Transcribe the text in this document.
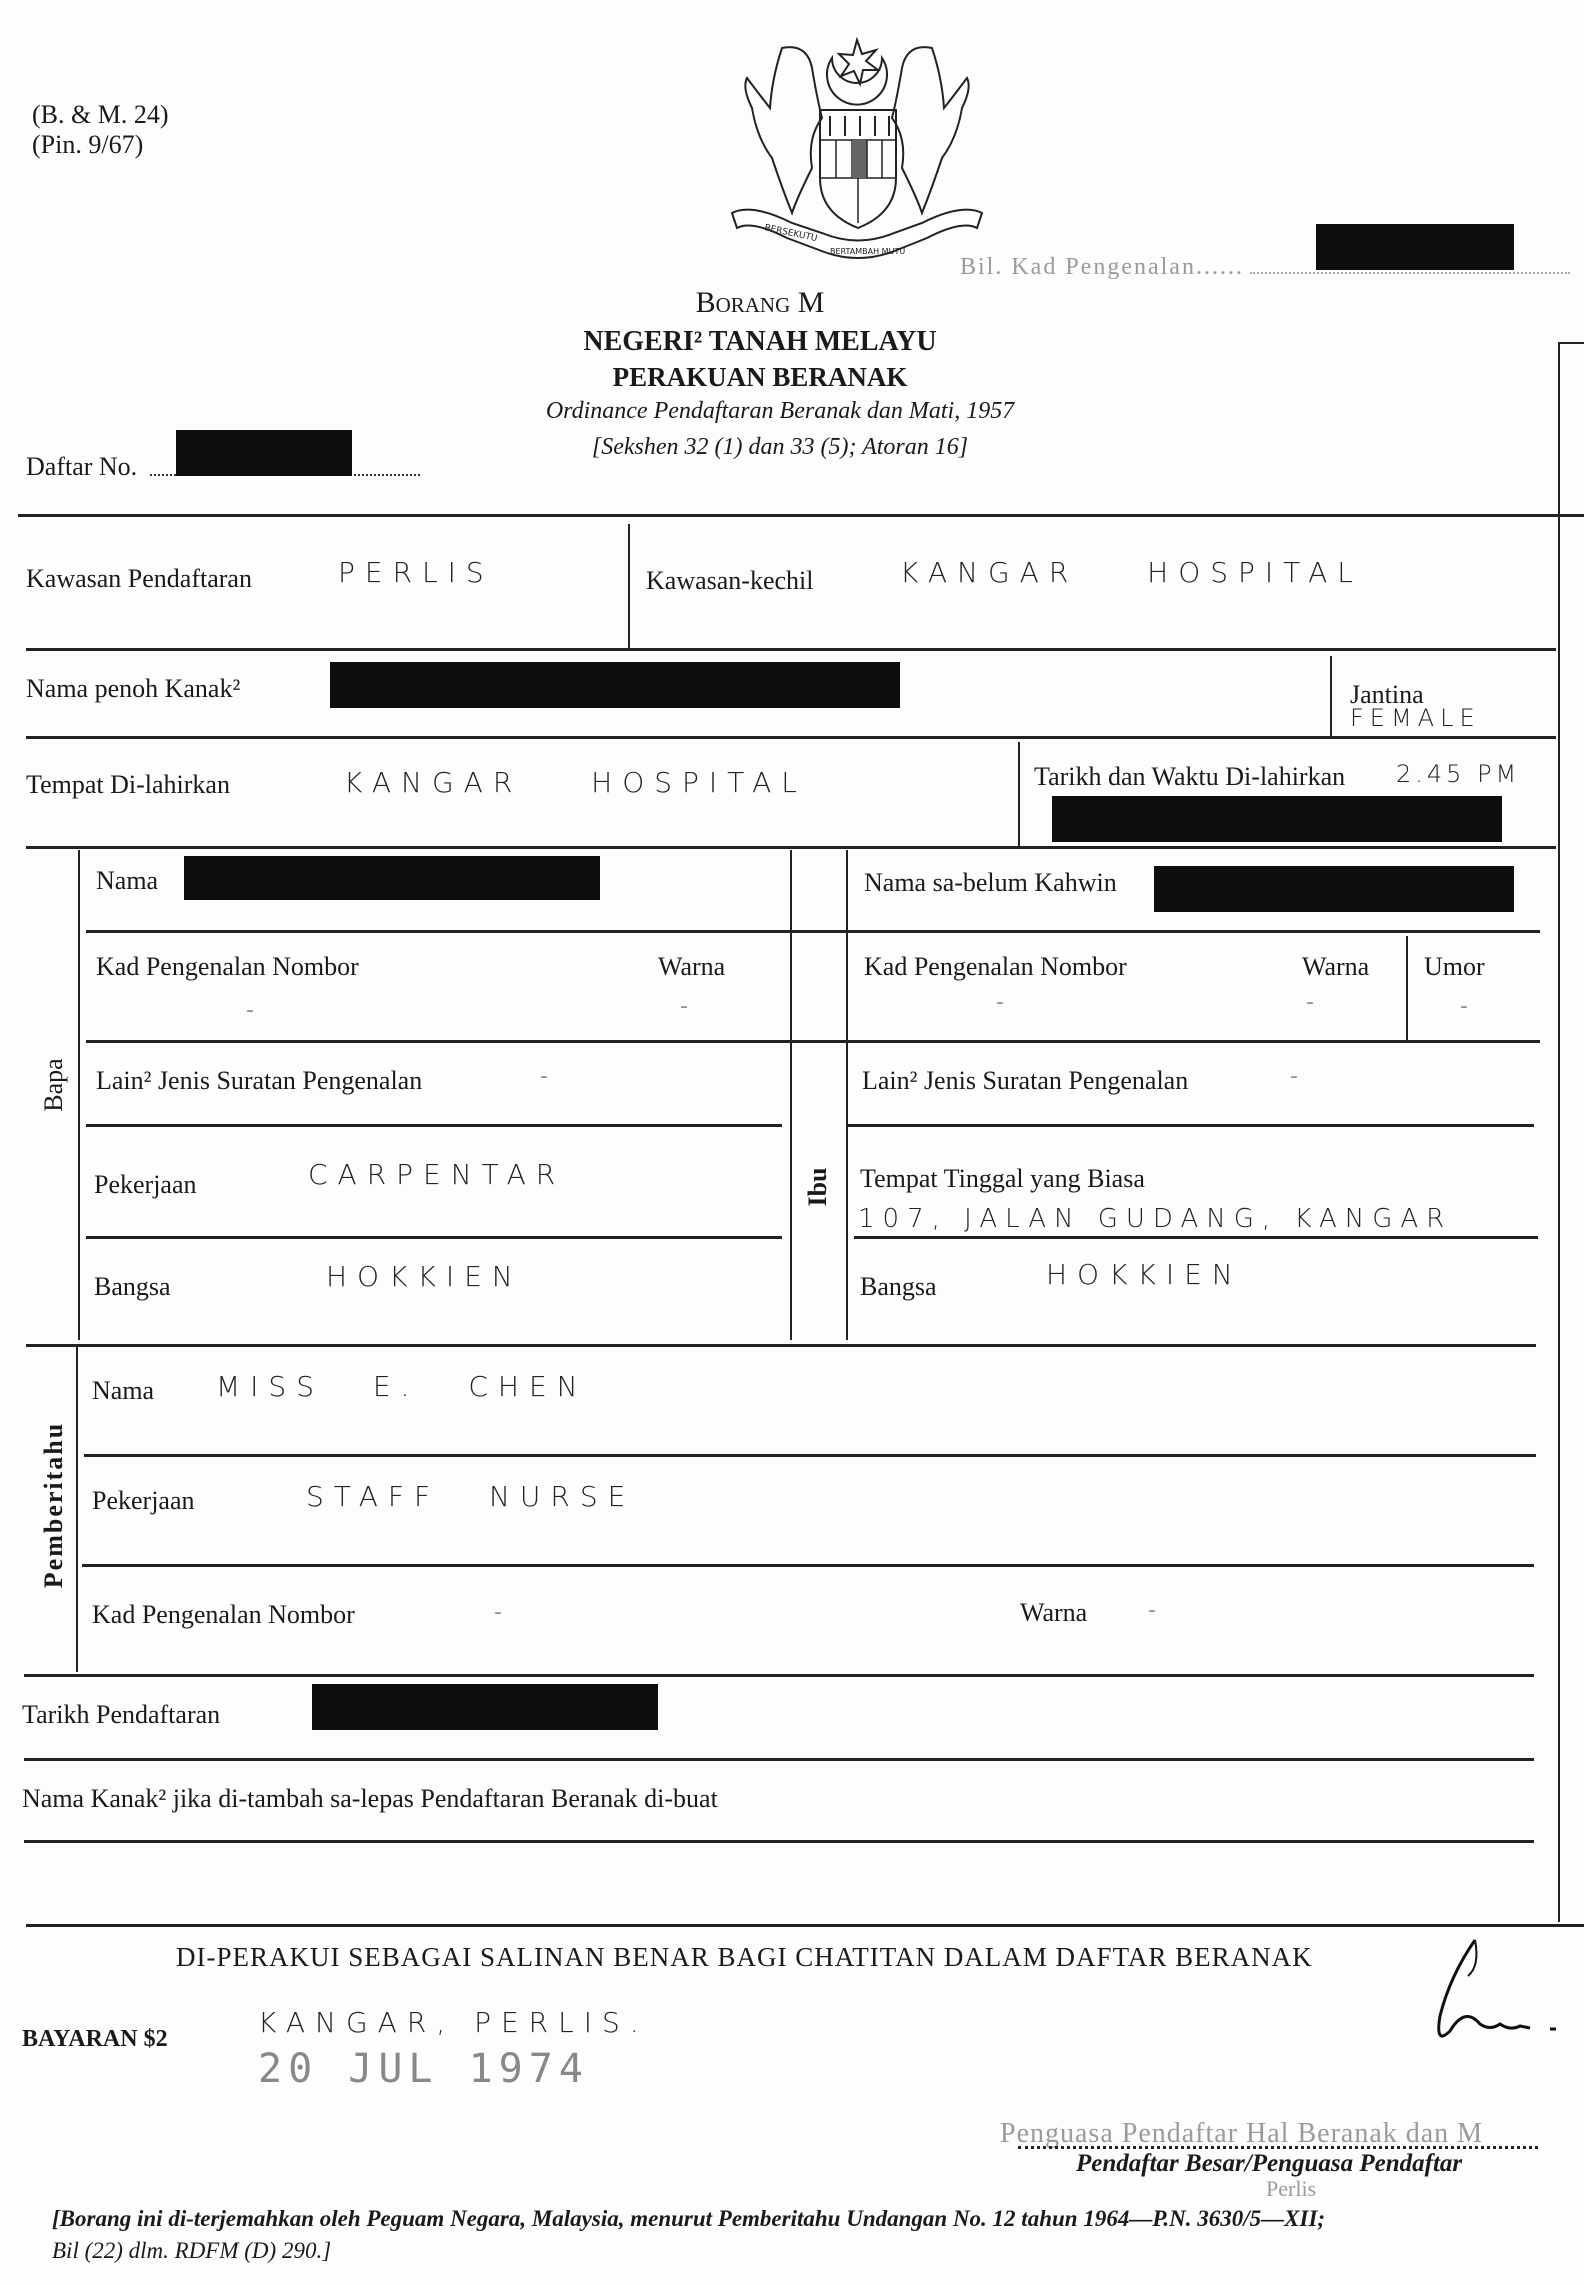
(B. & M. 24)
(Pin. 9/67)
BERSEKUTU
BERTAMBAH MUTU
Bil. Kad Pengenalan......
Borang M
NEGERI² TANAH MELAYU
PERAKUAN BERANAK
Ordinance Pendaftaran Beranak dan Mati, 1957
[Sekshen 32 (1) dan 33 (5); Atoran 16]
Daftar No.
Kawasan Pendaftaran	PERLIS	Kawasan-kechil	KANGAR HOSPITAL
Nama penoh Kanak²	Jantina
FEMALE
Tempat Di-lahirkan	KANGAR HOSPITAL	Tarikh dan Waktu Di-lahirkan 2.45 PM
Bapa
Ibu
Nama	Nama sa-belum Kahwin
Kad Pengenalan Nombor	Warna
-	-
Kad Pengenalan Nombor	Warna Umor
-	-	-
Lain² Jenis Suratan Pengenalan	-	Lain² Jenis Suratan Pengenalan	-
Pekerjaan	CARPENTAR	Tempat Tinggal yang Biasa
107, JALAN GUDANG, KANGAR
Bangsa	HOKKIEN	Bangsa	HOKKIEN
Pemberitahu
Nama MISS E. CHEN
Pekerjaan	STAFF NURSE
Kad Pengenalan Nombor	-	Warna	-
Tarikh Pendaftaran
Nama Kanak² jika di-tambah sa-lepas Pendaftaran Beranak di-buat
DI-PERAKUI SEBAGAI SALINAN BENAR BAGI CHATITAN DALAM DAFTAR BERANAK
BAYARAN $2	KANGAR, PERLIS.
20 JUL 1974
Penguasa Pendaftar Hal Beranak dan M
Pendaftar Besar/Penguasa Pendaftar
Perlis
[Borang ini di-terjemahkan oleh Peguam Negara, Malaysia, menurut Pemberitahu Undangan No. 12 tahun 1964—P.N. 3630/5—XII;
Bil (22) dlm. RDFM (D) 290.]
